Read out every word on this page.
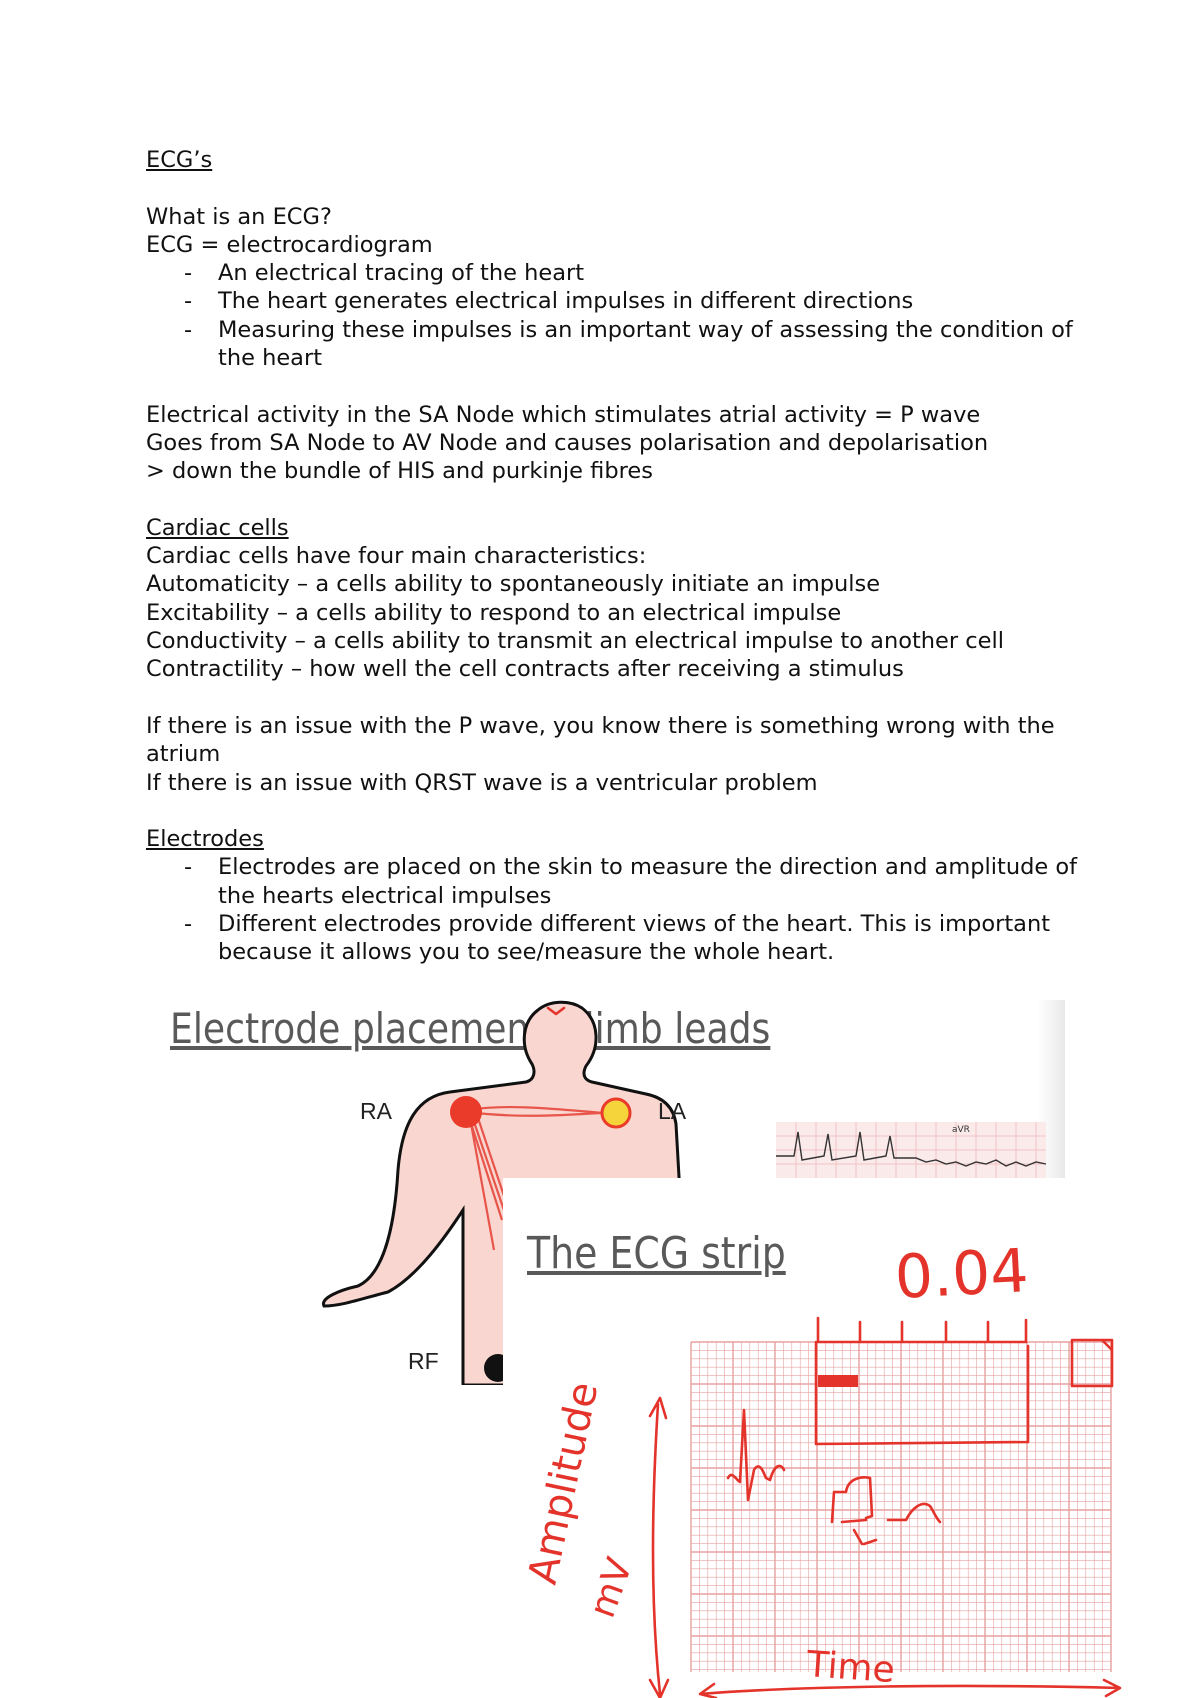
ECG’s

What is an ECG?

ECG = electrocardiogram

- An electrical tracing of the heart
- The heart generates electrical impulses in different directions
- Measuring these impulses is an important way of assessing the condition of the heart

Electrical activity in the SA Node which stimulates atrial activity = P wave

Goes from SA Node to AV Node and causes polarisation and depolarisation

> down the bundle of HIS and purkinje fibres

Cardiac cells

Cardiac cells have four main characteristics:

Automaticity – a cells ability to spontaneously initiate an impulse

Excitability – a cells ability to respond to an electrical impulse

Conductivity – a cells ability to transmit an electrical impulse to another cell

Contractility – how well the cell contracts after receiving a stimulus

If there is an issue with the P wave, you know there is something wrong with the atrium

If there is an issue with QRST wave is a ventricular problem

Electrodes

- Electrodes are placed on the skin to measure the direction and amplitude of the hearts electrical impulses
- Different electrodes provide different views of the heart. This is important because it allows you to see/measure the whole heart.
Electrode placement – limb leads
aVR
RA	LA
RF
The ECG strip 0.04
Amplitude
mV
Time
